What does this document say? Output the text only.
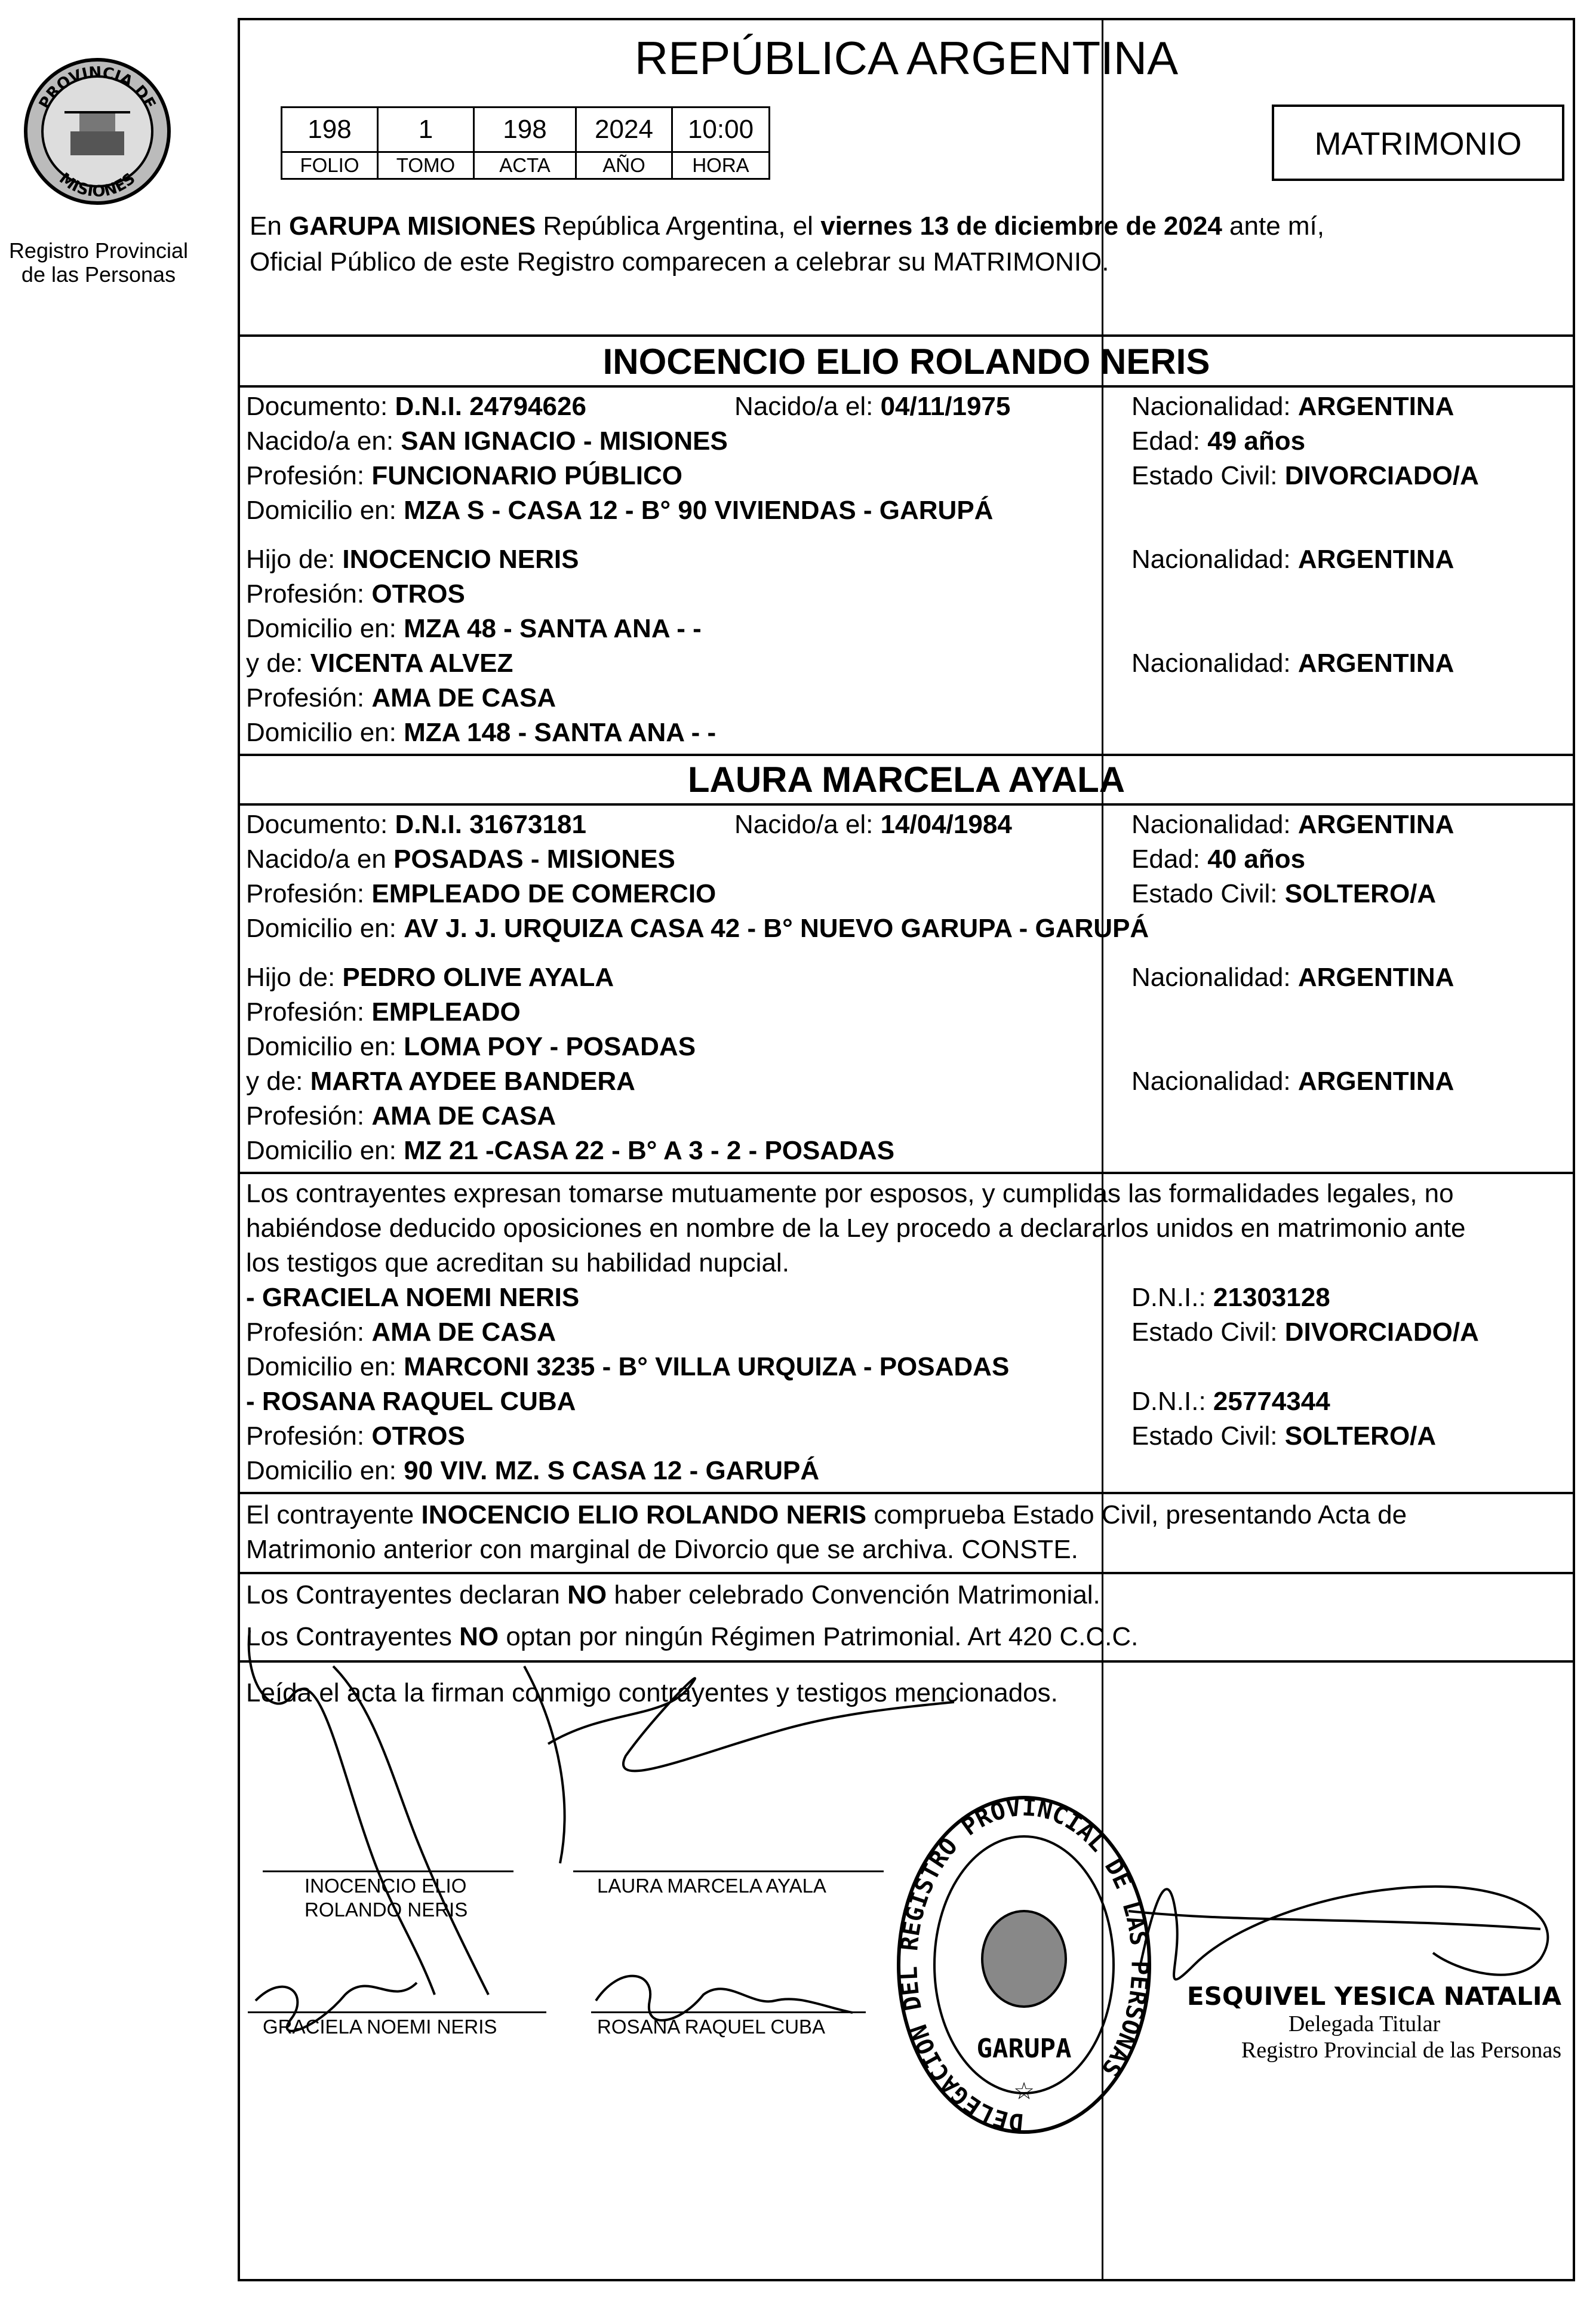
PROVINCIA DE
MISIONES
Registro Provincial
de las Personas
REPÚBLICA ARGENTINA
198	1	198	2024	10:00
FOLIO	TOMO	ACTA	AÑO	HORA
MATRIMONIO
En GARUPA MISIONES República Argentina, el viernes 13 de diciembre de 2024 ante mí,
Oficial Público de este Registro comparecen a celebrar su MATRIMONIO.
INOCENCIO ELIO ROLANDO NERIS
Documento: D.N.I. 24794626	Nacido/a el: 04/11/1975	Nacionalidad: ARGENTINA
Nacido/a en: SAN IGNACIO - MISIONES	Edad: 49 años
Profesión: FUNCIONARIO PÚBLICO	Estado Civil: DIVORCIADO/A
Domicilio en: MZA S - CASA 12 - B° 90 VIVIENDAS - GARUPÁ
Hijo de: INOCENCIO NERIS	Nacionalidad: ARGENTINA
Profesión: OTROS
Domicilio en: MZA 48 - SANTA ANA - -
y de: VICENTA ALVEZ	Nacionalidad: ARGENTINA
Profesión: AMA DE CASA
Domicilio en: MZA 148 - SANTA ANA - -
LAURA MARCELA AYALA
Documento: D.N.I. 31673181	Nacido/a el: 14/04/1984	Nacionalidad: ARGENTINA
Nacido/a en POSADAS - MISIONES	Edad: 40 años
Profesión: EMPLEADO DE COMERCIO	Estado Civil: SOLTERO/A
Domicilio en: AV J. J. URQUIZA CASA 42 - B° NUEVO GARUPA - GARUPÁ
Hijo de: PEDRO OLIVE AYALA	Nacionalidad: ARGENTINA
Profesión: EMPLEADO
Domicilio en: LOMA POY - POSADAS
y de: MARTA AYDEE BANDERA	Nacionalidad: ARGENTINA
Profesión: AMA DE CASA
Domicilio en: MZ 21 -CASA 22 - B° A 3 - 2 - POSADAS
Los contrayentes expresan tomarse mutuamente por esposos, y cumplidas las formalidades legales, no
habiéndose deducido oposiciones en nombre de la Ley procedo a declararlos unidos en matrimonio ante
los testigos que acreditan su habilidad nupcial.
- GRACIELA NOEMI NERIS	D.N.I.: 21303128
Profesión: AMA DE CASA	Estado Civil: DIVORCIADO/A
Domicilio en: MARCONI 3235 - B° VILLA URQUIZA - POSADAS
- ROSANA RAQUEL CUBA	D.N.I.: 25774344
Profesión: OTROS	Estado Civil: SOLTERO/A
Domicilio en: 90 VIV. MZ. S CASA 12 - GARUPÁ
El contrayente INOCENCIO ELIO ROLANDO NERIS comprueba Estado Civil, presentando Acta de
Matrimonio anterior con marginal de Divorcio que se archiva. CONSTE.
Los Contrayentes declaran NO haber celebrado Convención Matrimonial.
Los Contrayentes NO optan por ningún Régimen Patrimonial. Art 420 C.C.C.
Leída el acta la firman conmigo contrayentes y testigos mencionados.
INOCENCIO ELIO
ROLANDO NERIS
LAURA MARCELA AYALA
GRACIELA NOEMI NERIS	ROSANA RAQUEL CUBA
DELEGACION DEL REGISTRO PROVINCIAL DE LAS PERSONAS
GARUPA
☆
ESQUIVEL YESICA NATALIA
Delegada Titular
Registro Provincial de las Personas
